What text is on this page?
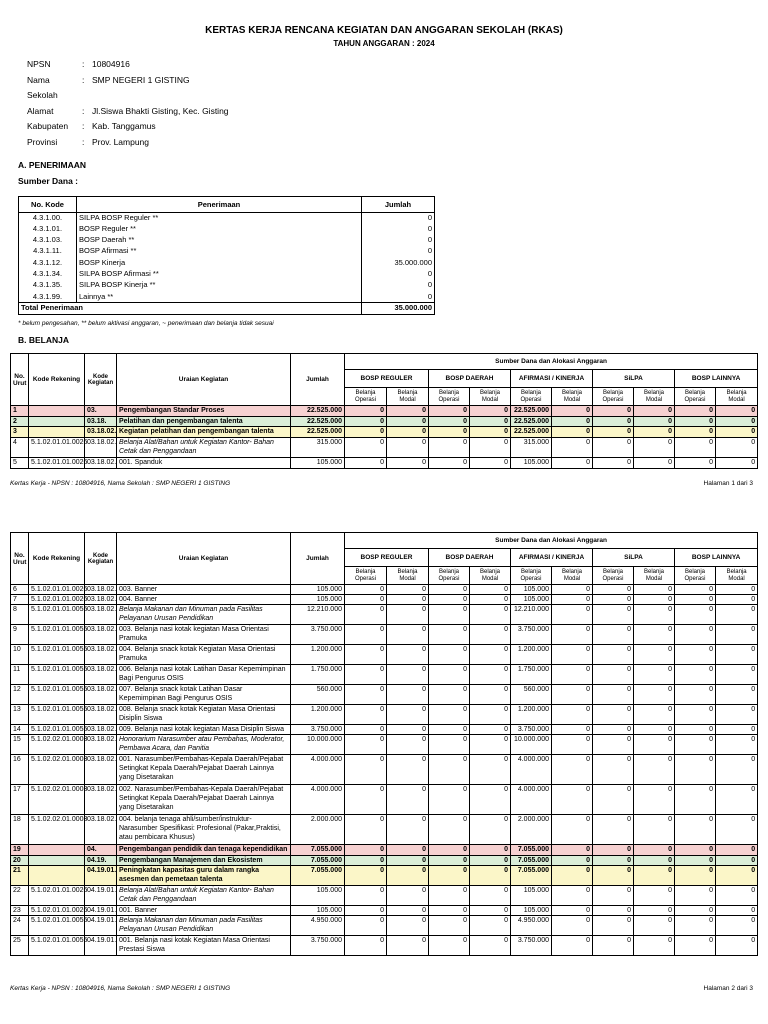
KERTAS KERJA RENCANA KEGIATAN DAN ANGGARAN SEKOLAH (RKAS)
TAHUN ANGGARAN : 2024
NPSN	: 10804916
Nama Sekolah
: SMP NEGERI 1 GISTING
Alamat	: Jl.Siswa Bhakti Gisting, Kec. Gisting
Kabupaten	: Kab. Tanggamus
Provinsi	: Prov. Lampung
A. PENERIMAAN
Sumber Dana :
No. Kode	Penerimaan	Jumlah
4.3.1.00.	SILPA BOSP Reguler **	0
4.3.1.01.	BOSP Reguler **	0
4.3.1.03.	BOSP Daerah **	0
4.3.1.11.	BOSP Afirmasi **	0
4.3.1.12.	BOSP Kinerja	35.000.000
4.3.1.34.	SILPA BOSP Afirmasi **	0
4.3.1.35.	SILPA BOSP Kinerja **	0
4.3.1.99.	Lainnya **	0
Total Penerimaan		35.000.000
* belum pengesahan, ** belum aktivasi anggaran, ~ penerimaan dan belanja tidak sesuai
B. BELANJA
No. Urut	Kode Rekening	Kode Kegiatan	Uraian Kegiatan	Jumlah	Sumber Dana dan Alokasi Anggaran									
					BOSP REGULER		BOSP DAERAH		AFIRMASI / KINERJA		SiLPA		BOSP LAINNYA	
					Belanja Operasi	Belanja Modal	Belanja Operasi	Belanja Modal	Belanja Operasi	Belanja Modal	Belanja Operasi	Belanja Modal	Belanja Operasi	Belanja Modal
1		03.	Pengembangan Standar Proses	22.525.000	0	0	0	0	22.525.000	0	0	0	0	0
2		03.18.	Pelatihan dan pengembangan talenta	22.525.000	0	0	0	0	22.525.000	0	0	0	0	0
3		03.18.02.	Kegiatan pelatihan dan pengembangan talenta	22.525.000	0	0	0	0	22.525.000	0	0	0	0	0
4	5.1.02.01.01.0026	03.18.02.	Belanja Alat/Bahan untuk Kegiatan Kantor- Bahan Cetak dan Penggandaan	315.000	0	0	0	0	315.000	0	0	0	0	0
5	5.1.02.01.01.0026	03.18.02.	001. Spanduk	105.000	0	0	0	0	105.000	0	0	0	0	0
Kertas Kerja - NPSN : 10804916, Nama Sekolah : SMP NEGERI 1 GISTING	Halaman 1 dari 3
No. Urut	Kode Rekening	Kode Kegiatan	Uraian Kegiatan	Jumlah	Sumber Dana dan Alokasi Anggaran									
					BOSP REGULER		BOSP DAERAH		AFIRMASI / KINERJA		SiLPA		BOSP LAINNYA	
					Belanja Operasi	Belanja Modal	Belanja Operasi	Belanja Modal	Belanja Operasi	Belanja Modal	Belanja Operasi	Belanja Modal	Belanja Operasi	Belanja Modal
6	5.1.02.01.01.0026	03.18.02.	003. Banner	105.000	0	0	0	0	105.000	0	0	0	0	0
7	5.1.02.01.01.0026	03.18.02.	004. Banner	105.000	0	0	0	0	105.000	0	0	0	0	0
8	5.1.02.01.01.0055	03.18.02.	Belanja Makanan dan Minuman pada Fasilitas Pelayanan Urusan Pendidikan	12.210.000	0	0	0	0	12.210.000	0	0	0	0	0
9	5.1.02.01.01.0055	03.18.02.	003. Belanja nasi kotak kegiatan Masa Orientasi Pramuka	3.750.000	0	0	0	0	3.750.000	0	0	0	0	0
10	5.1.02.01.01.0055	03.18.02.	004. Belanja snack kotak Kegiatan Masa Orientasi Pramuka	1.200.000	0	0	0	0	1.200.000	0	0	0	0	0
11	5.1.02.01.01.0055	03.18.02.	006. Belanja nasi kotak Latihan Dasar Kepemimpinan Bagi Pengurus OSIS	1.750.000	0	0	0	0	1.750.000	0	0	0	0	0
12	5.1.02.01.01.0055	03.18.02.	007. Belanja snack kotak Latihan Dasar Kepemimpinan Bagi Pengurus OSIS	560.000	0	0	0	0	560.000	0	0	0	0	0
13	5.1.02.01.01.0055	03.18.02.	008. Belanja snack kotak Kegiatan Masa Orientasi Disiplin Siswa	1.200.000	0	0	0	0	1.200.000	0	0	0	0	0
14	5.1.02.01.01.0055	03.18.02.	009. Belanja nasi kotak kegiatan Masa Disiplin Siswa	3.750.000	0	0	0	0	3.750.000	0	0	0	0	0
15	5.1.02.02.01.0003	03.18.02.	Honorarium Narasumber atau Pembahas, Moderator, Pembawa Acara, dan Panitia	10.000.000	0	0	0	0	10.000.000	0	0	0	0	0
16	5.1.02.02.01.0003	03.18.02.	001. Narasumber/Pembahas-Kepala Daerah/Pejabat Setingkat Kepala Daerah/Pejabat Daerah Lainnya yang Disetarakan	4.000.000	0	0	0	0	4.000.000	0	0	0	0	0
17	5.1.02.02.01.0003	03.18.02.	002. Narasumber/Pembahas-Kepala Daerah/Pejabat Setingkat Kepala Daerah/Pejabat Daerah Lainnya yang Disetarakan	4.000.000	0	0	0	0	4.000.000	0	0	0	0	0
18	5.1.02.02.01.0003	03.18.02.	004. belanja tenaga ahli/sumber/instruktur-Narasumber Spesifikasi: Profesional (Pakar,Praktisi, atau pembicara Khusus)	2.000.000	0	0	0	0	2.000.000	0	0	0	0	0
19		04.	Pengembangan pendidik dan tenaga kependidikan	7.055.000	0	0	0	0	7.055.000	0	0	0	0	0
20		04.19.	Pengembangan Manajemen dan Ekosistem	7.055.000	0	0	0	0	7.055.000	0	0	0	0	0
21		04.19.01.	Peningkatan kapasitas guru dalam rangka asesmen dan pemetaan talenta	7.055.000	0	0	0	0	7.055.000	0	0	0	0	0
22	5.1.02.01.01.0026	04.19.01.	Belanja Alat/Bahan untuk Kegiatan Kantor- Bahan Cetak dan Penggandaan	105.000	0	0	0	0	105.000	0	0	0	0	0
23	5.1.02.01.01.0026	04.19.01.	001. Banner	105.000	0	0	0	0	105.000	0	0	0	0	0
24	5.1.02.01.01.0055	04.19.01.	Belanja Makanan dan Minuman pada Fasilitas Pelayanan Urusan Pendidikan	4.950.000	0	0	0	0	4.950.000	0	0	0	0	0
25	5.1.02.01.01.0055	04.19.01.	001. Belanja nasi kotak Kegiatan Masa Orientasi Prestasi Siswa	3.750.000	0	0	0	0	3.750.000	0	0	0	0	0
Kertas Kerja - NPSN : 10804916, Nama Sekolah : SMP NEGERI 1 GISTING	Halaman 2 dari 3
